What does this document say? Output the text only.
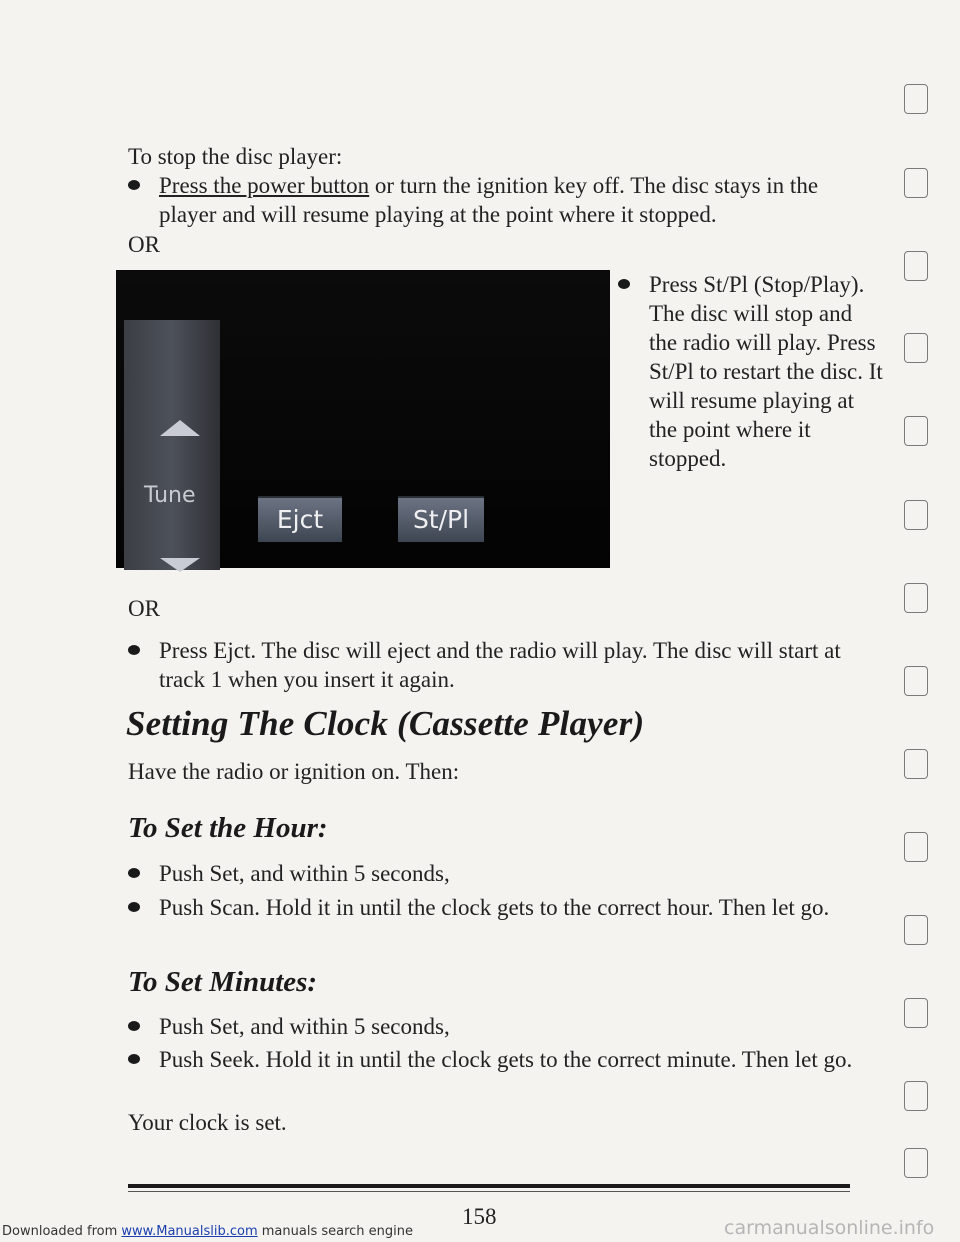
To stop the disc player:
Press the power button or turn the ignition key off. The disc stays in the player and will resume playing at the point where it stopped.
OR
Tune
Ejct	St/Pl
Press St/Pl (Stop/Play). The disc will stop and the radio will play. Press St/Pl to restart the disc. It will resume playing at the point where it stopped.
OR
Press Ejct. The disc will eject and the radio will play. The disc will start at track 1 when you insert it again.
Setting The Clock (Cassette Player)
Have the radio or ignition on. Then:
To Set the Hour:
Push Set, and within 5 seconds,
Push Scan. Hold it in until the clock gets to the correct hour. Then let go.
To Set Minutes:
Push Set, and within 5 seconds,
Push Seek. Hold it in until the clock gets to the correct minute. Then let go.
Your clock is set.
158
Downloaded from www.Manualslib.com manuals search engine	carmanualsonline.info
